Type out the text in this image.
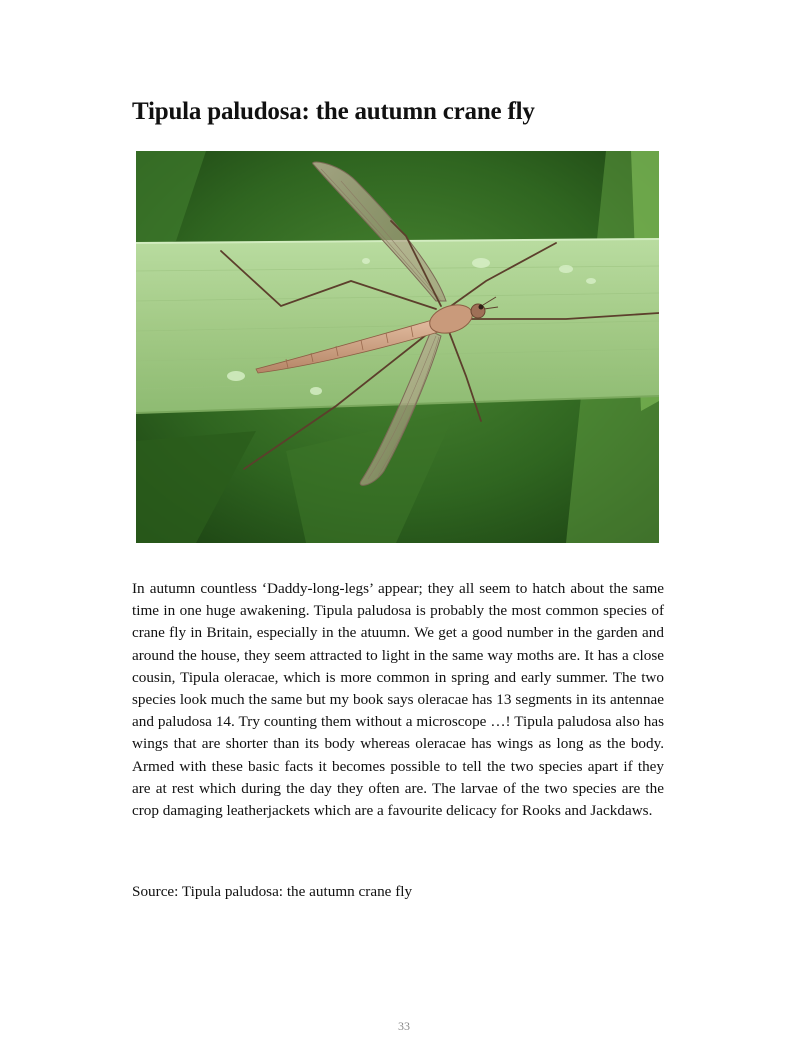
Tipula paludosa: the autumn crane fly

In autumn countless ‘Daddy-long-legs’ appear; they all seem to hatch about the same time in one huge awakening. Tipula paludosa is probably the most common species of crane fly in Britain, especially in the atuumn. We get a good number in the garden and around the house, they seem attracted to light in the same way moths are. It has a close cousin, Tipula oleracae, which is more common in spring and early summer. The two species look much the same but my book says oleracae has 13 segments in its antennae and paludosa 14. Try counting them without a microscope …! Tipula paludosa also has wings that are shorter than its body whereas oleracae has wings as long as the body. Armed with these basic facts it becomes possible to tell the two species apart if they are at rest which during the day they often are. The larvae of the two species are the crop damaging leatherjackets which are a favourite delicacy for Rooks and Jackdaws.

Source: Tipula paludosa: the autumn crane fly

33
